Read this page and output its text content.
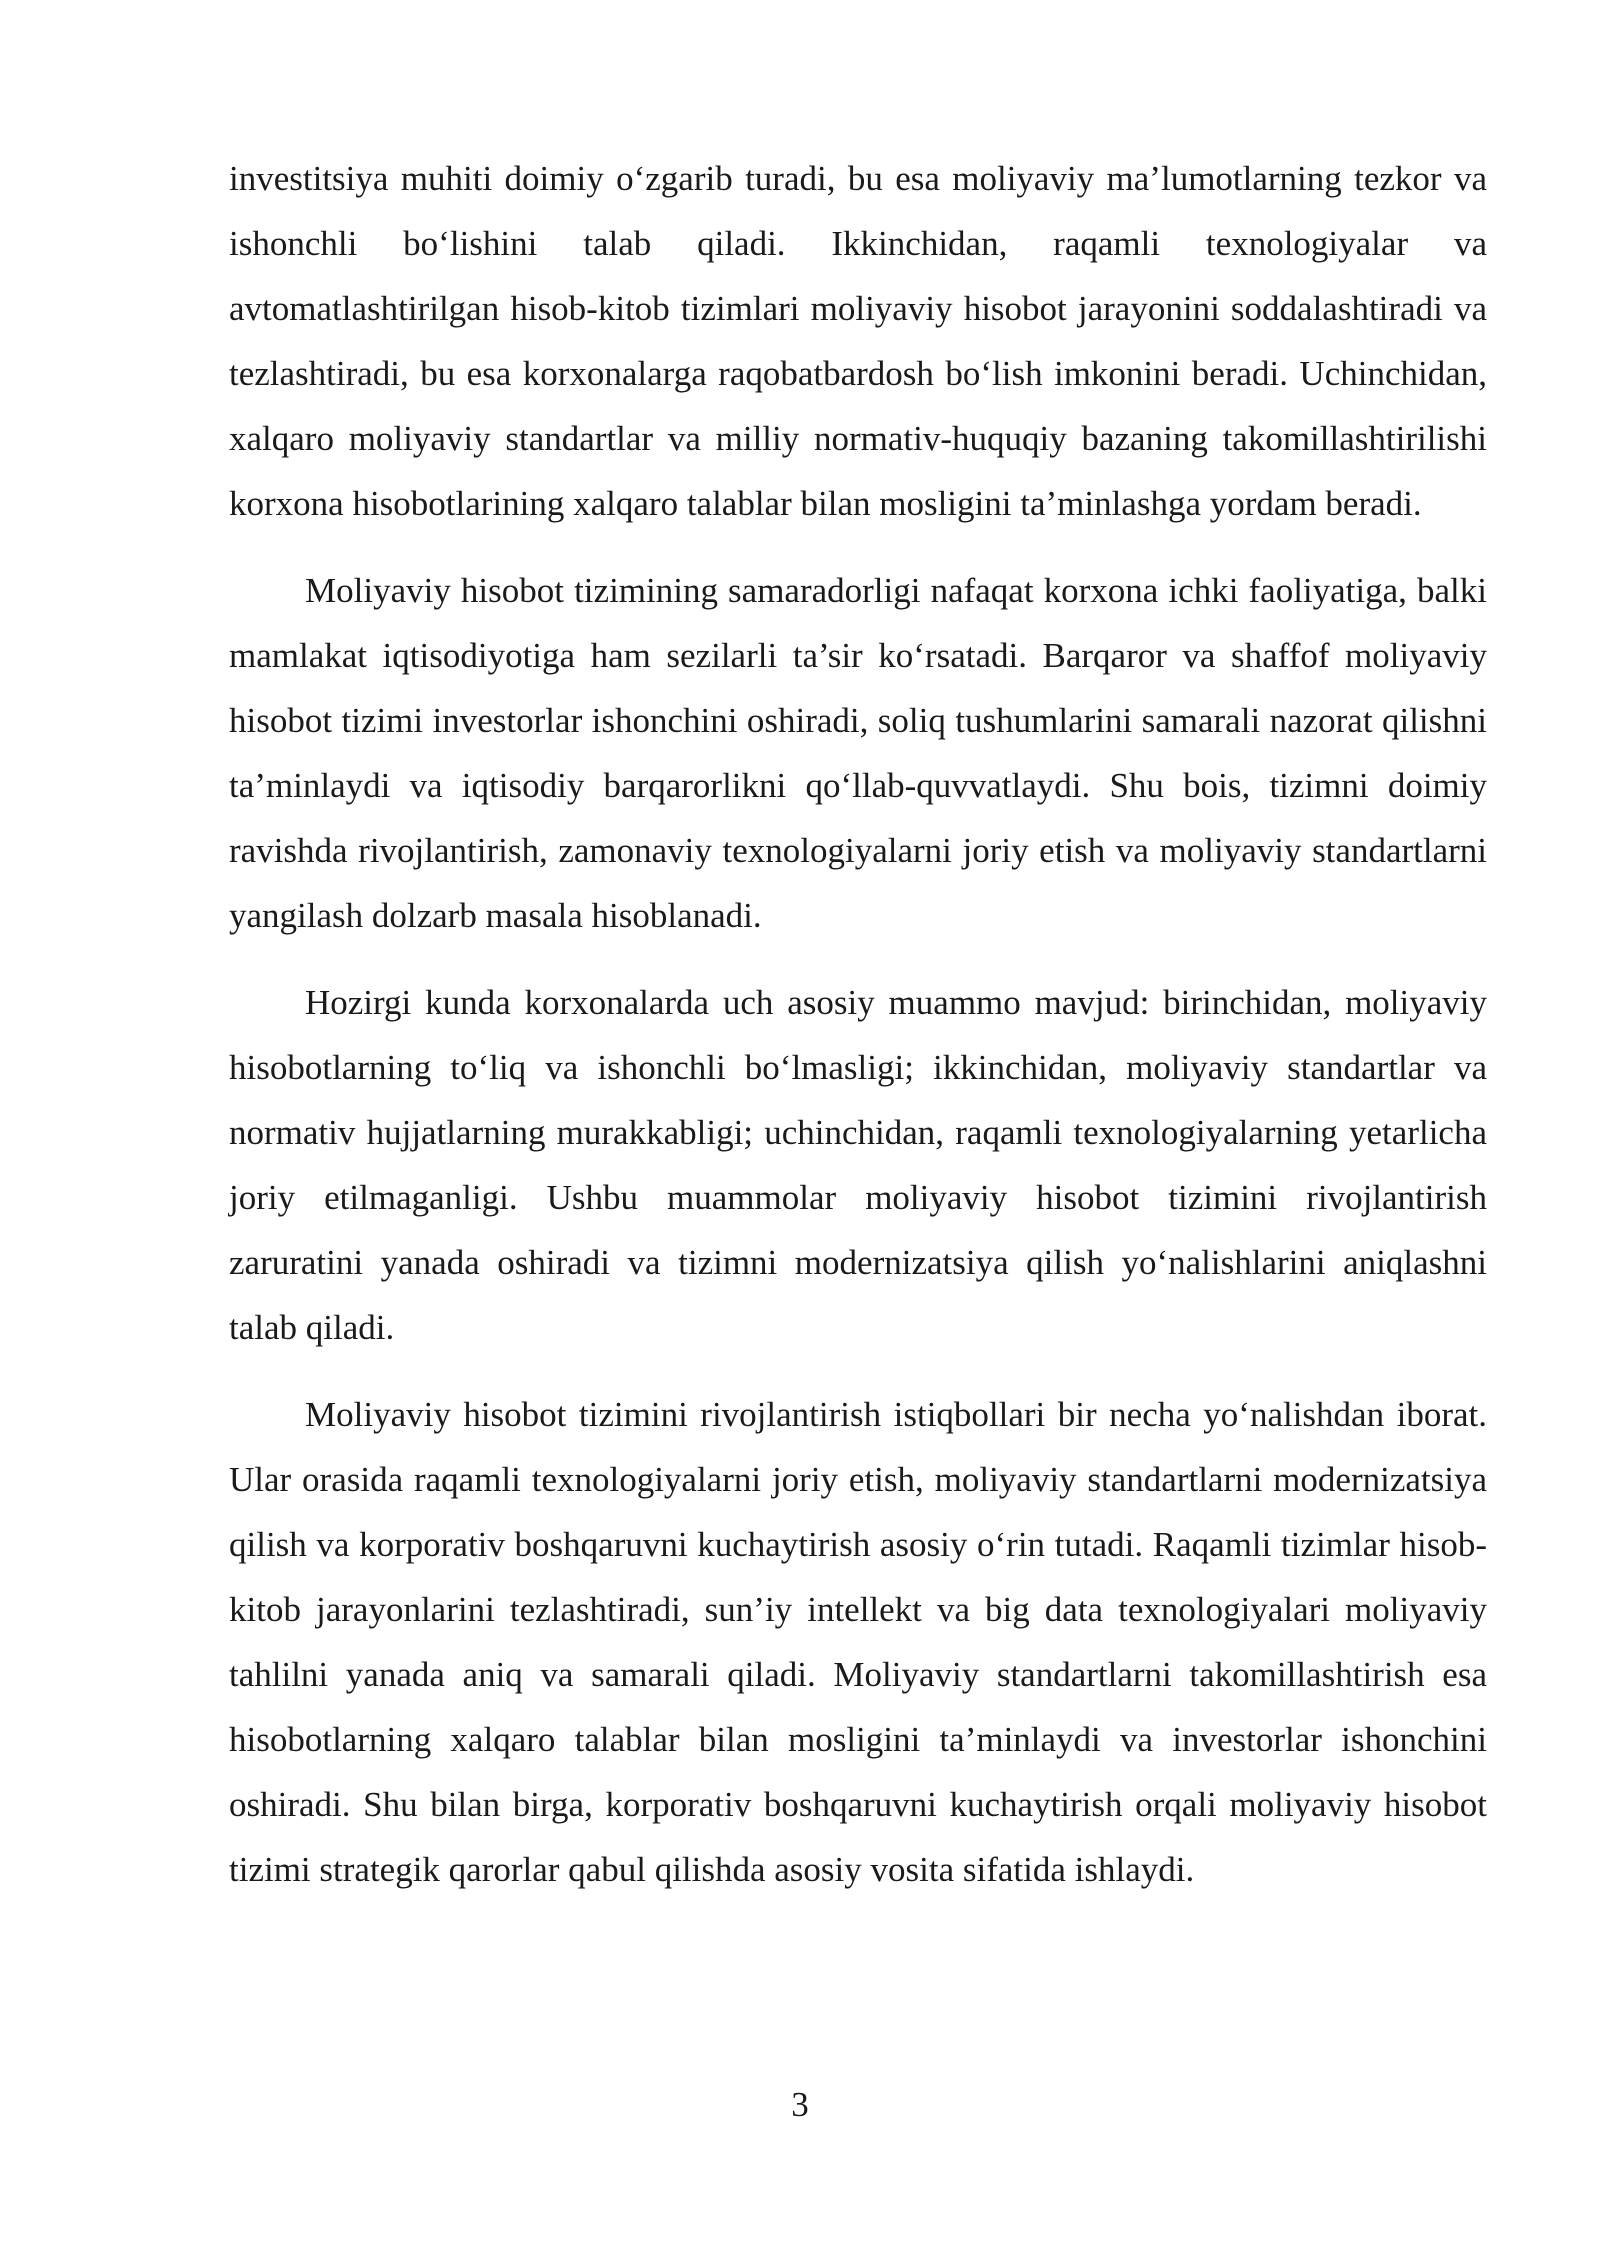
investitsiya muhiti doimiy o‘zgarib turadi, bu esa moliyaviy ma’lumotlarning tezkor va ishonchli bo‘lishini talab qiladi. Ikkinchidan, raqamli texnologiyalar va avtomatlashtirilgan hisob-kitob tizimlari moliyaviy hisobot jarayonini soddalashtiradi va tezlashtiradi, bu esa korxonalarga raqobatbardosh bo‘lish imkonini beradi. Uchinchidan, xalqaro moliyaviy standartlar va milliy normativ-huquqiy bazaning takomillashtirilishi korxona hisobotlarining xalqaro talablar bilan mosligini ta’minlashga yordam beradi.

Moliyaviy hisobot tizimining samaradorligi nafaqat korxona ichki faoliyatiga, balki mamlakat iqtisodiyotiga ham sezilarli ta’sir ko‘rsatadi. Barqaror va shaffof moliyaviy hisobot tizimi investorlar ishonchini oshiradi, soliq tushumlarini samarali nazorat qilishni ta’minlaydi va iqtisodiy barqarorlikni qo‘llab-quvvatlaydi. Shu bois, tizimni doimiy ravishda rivojlantirish, zamonaviy texnologiyalarni joriy etish va moliyaviy standartlarni yangilash dolzarb masala hisoblanadi.

Hozirgi kunda korxonalarda uch asosiy muammo mavjud: birinchidan, moliyaviy hisobotlarning to‘liq va ishonchli bo‘lmasligi; ikkinchidan, moliyaviy standartlar va normativ hujjatlarning murakkabligi; uchinchidan, raqamli texnologiyalarning yetarlicha joriy etilmaganligi. Ushbu muammolar moliyaviy hisobot tizimini rivojlantirish zaruratini yanada oshiradi va tizimni modernizatsiya qilish yo‘nalishlarini aniqlashni talab qiladi.

Moliyaviy hisobot tizimini rivojlantirish istiqbollari bir necha yo‘nalishdan iborat. Ular orasida raqamli texnologiyalarni joriy etish, moliyaviy standartlarni modernizatsiya qilish va korporativ boshqaruvni kuchaytirish asosiy o‘rin tutadi. Raqamli tizimlar hisob-kitob jarayonlarini tezlashtiradi, sun’iy intellekt va big data texnologiyalari moliyaviy tahlilni yanada aniq va samarali qiladi. Moliyaviy standartlarni takomillashtirish esa hisobotlarning xalqaro talablar bilan mosligini ta’minlaydi va investorlar ishonchini oshiradi. Shu bilan birga, korporativ boshqaruvni kuchaytirish orqali moliyaviy hisobot tizimi strategik qarorlar qabul qilishda asosiy vosita sifatida ishlaydi.

3
